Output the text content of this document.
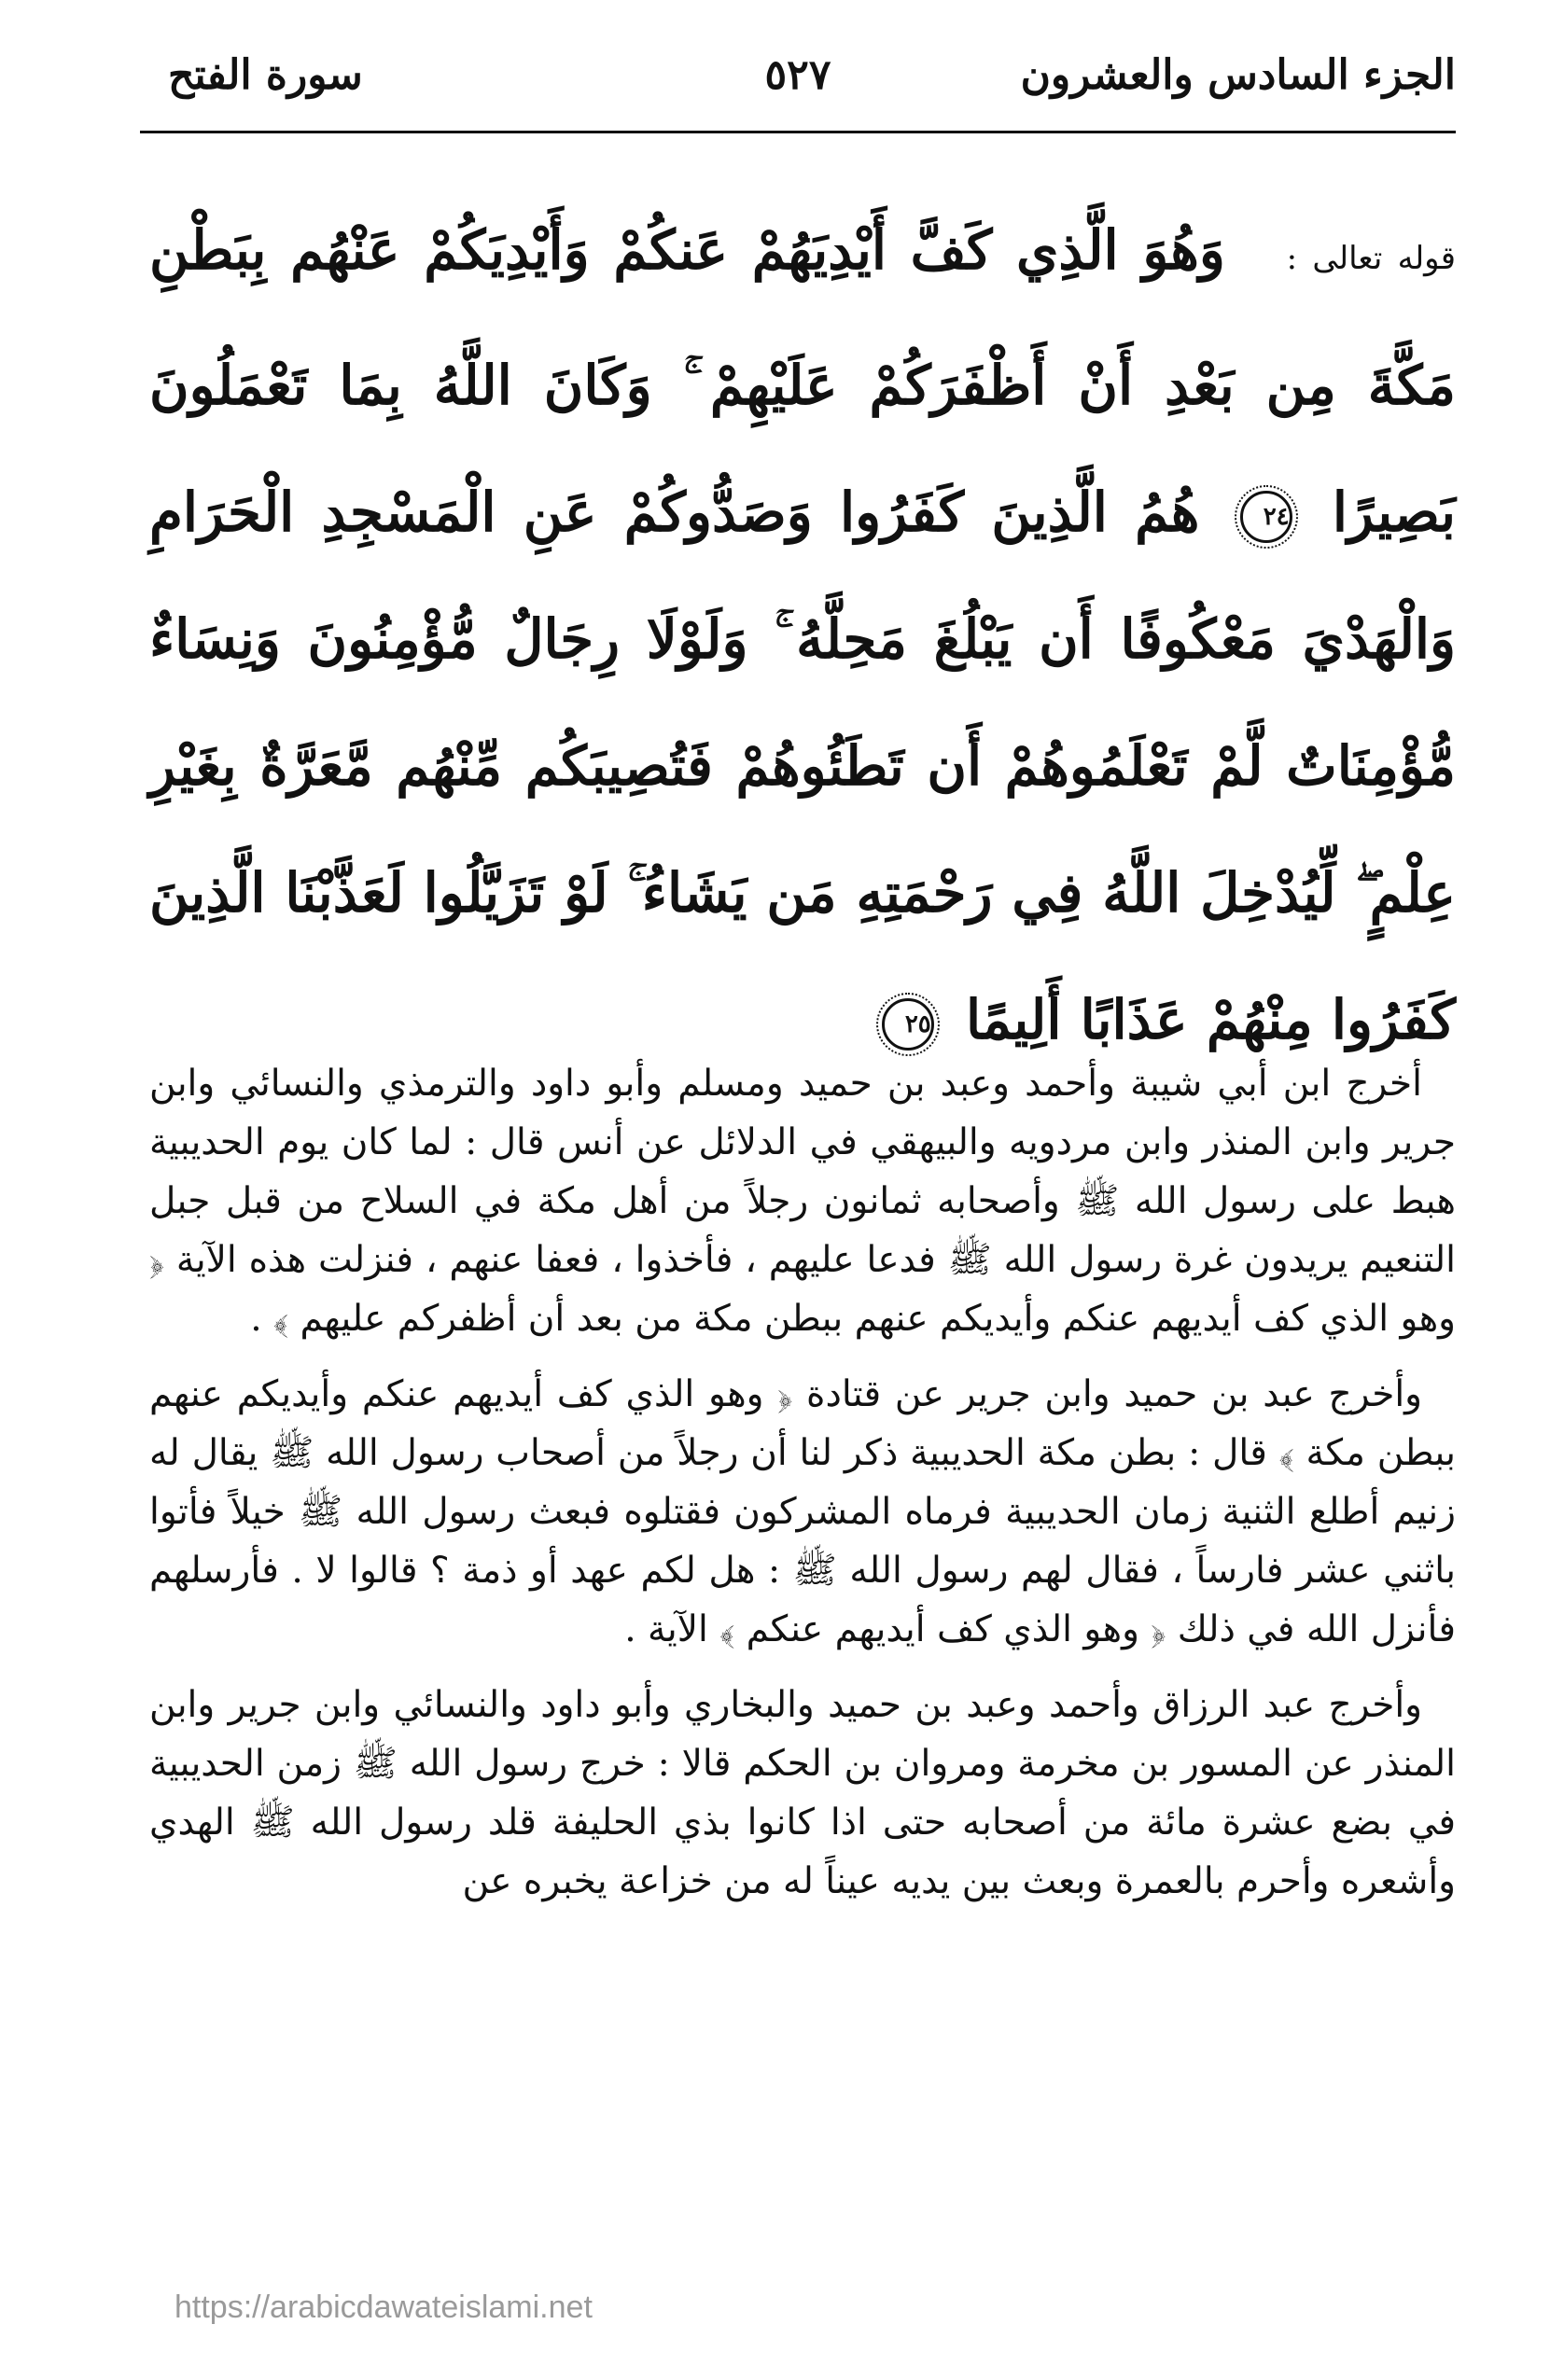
الجزء السادس والعشرون
٥٢٧
سورة الفتح
قوله تعالى : وَهُوَ الَّذِي كَفَّ أَيْدِيَهُمْ عَنكُمْ وَأَيْدِيَكُمْ عَنْهُم بِبَطْنِ مَكَّةَ مِن بَعْدِ أَنْ أَظْفَرَكُمْ عَلَيْهِمْ ۚ وَكَانَ اللَّهُ بِمَا تَعْمَلُونَ بَصِيرًا ٢٤ هُمُ الَّذِينَ كَفَرُوا وَصَدُّوكُمْ عَنِ الْمَسْجِدِ الْحَرَامِ وَالْهَدْيَ مَعْكُوفًا أَن يَبْلُغَ مَحِلَّهُ ۚ وَلَوْلَا رِجَالٌ مُّؤْمِنُونَ وَنِسَاءٌ مُّؤْمِنَاتٌ لَّمْ تَعْلَمُوهُمْ أَن تَطَئُوهُمْ فَتُصِيبَكُم مِّنْهُم مَّعَرَّةٌ بِغَيْرِ عِلْمٍ ۖ لِّيُدْخِلَ اللَّهُ فِي رَحْمَتِهِ مَن يَشَاءُ ۚ لَوْ تَزَيَّلُوا لَعَذَّبْنَا الَّذِينَ كَفَرُوا مِنْهُمْ عَذَابًا أَلِيمًا ٢٥

أخرج ابن أبي شيبة وأحمد وعبد بن حميد ومسلم وأبو داود والترمذي والنسائي وابن جرير وابن المنذر وابن مردويه والبيهقي في الدلائل عن أنس قال : لما كان يوم الحديبية هبط على رسول الله ﷺ وأصحابه ثمانون رجلاً من أهل مكة في السلاح من قبل جبل التنعيم يريدون غرة رسول الله ﷺ فدعا عليهم ، فأخذوا ، فعفا عنهم ، فنزلت هذه الآية ﴿ وهو الذي كف أيديهم عنكم وأيديكم عنهم ببطن مكة من بعد أن أظفركم عليهم ﴾ .

وأخرج عبد بن حميد وابن جرير عن قتادة ﴿ وهو الذي كف أيديهم عنكم وأيديكم عنهم ببطن مكة ﴾ قال : بطن مكة الحديبية ذكر لنا أن رجلاً من أصحاب رسول الله ﷺ يقال له زنيم أطلع الثنية زمان الحديبية فرماه المشركون فقتلوه فبعث رسول الله ﷺ خيلاً فأتوا باثني عشر فارساً ، فقال لهم رسول الله ﷺ : هل لكم عهد أو ذمة ؟ قالوا لا . فأرسلهم فأنزل الله في ذلك ﴿ وهو الذي كف أيديهم عنكم ﴾ الآية .

وأخرج عبد الرزاق وأحمد وعبد بن حميد والبخاري وأبو داود والنسائي وابن جرير وابن المنذر عن المسور بن مخرمة ومروان بن الحكم قالا : خرج رسول الله ﷺ زمن الحديبية في بضع عشرة مائة من أصحابه حتى اذا كانوا بذي الحليفة قلد رسول الله ﷺ الهدي وأشعره وأحرم بالعمرة وبعث بين يديه عيناً له من خزاعة يخبره عن

https://arabicdawateislami.net
